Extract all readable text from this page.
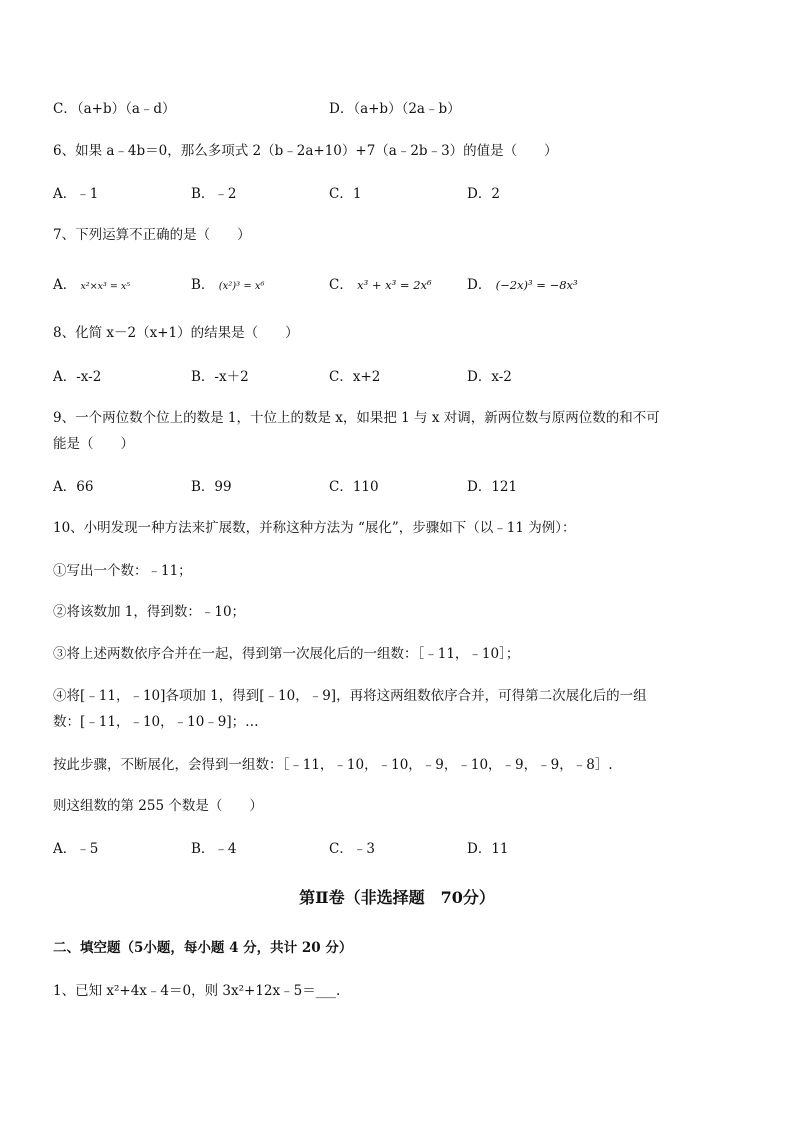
C．（a+b）（a﹣d）	D．（a+b）（2a﹣b）
6、如果 a﹣4b＝0，那么多项式 2（b﹣2a+10）+7（a﹣2b﹣3）的值是（　　）
A．﹣1	B．﹣2	C．1	D．2
7、下列运算不正确的是（　　）
A． x²×x³ = x⁵	B． (x²)³ = x⁶	C． x³ + x³ = 2x⁶	D． (−2x)³ = −8x³
8、化简 x－2（x+1）的结果是（　　）
A．-x-2	B．-x＋2	C．x+2	D．x-2
9、一个两位数个位上的数是 1，十位上的数是 x，如果把 1 与 x 对调，新两位数与原两位数的和不可
能是（　　）
A．66	B．99	C．110	D．121
10、小明发现一种方法来扩展数，并称这种方法为 “展化”，步骤如下（以﹣11 为例）：
①写出一个数：﹣11；
②将该数加 1，得到数：﹣10；
③将上述两数依序合并在一起，得到第一次展化后的一组数：［﹣11，﹣10］；
④将[﹣11，﹣10]各项加 1，得到[﹣10，﹣9]，再将这两组数依序合并，可得第二次展化后的一组
数：[﹣11，﹣10，﹣10﹣9]；…
按此步骤，不断展化，会得到一组数：［﹣11，﹣10，﹣10，﹣9，﹣10，﹣9，﹣9，﹣8］.
则这组数的第 255 个数是（　　）
A．﹣5	B．﹣4	C．﹣3	D．11
第Ⅱ卷（非选择题　70分）
二、填空题（5小题，每小题 4 分，共计 20 分）
1、已知 x²+4x﹣4＝0，则 3x²+12x﹣5＝___.
